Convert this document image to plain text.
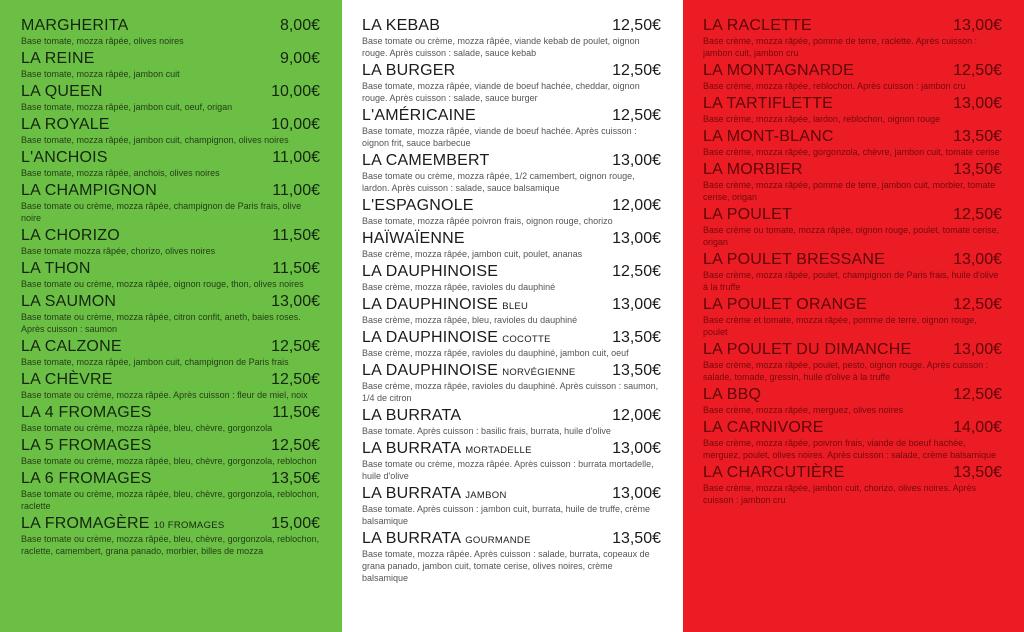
MARGHERITA	8,00€
Base tomate, mozza râpée, olives noires
LA REINE	9,00€
Base tomate, mozza râpée, jambon cuit
LA QUEEN	10,00€
Base tomate, mozza râpée, jambon cuit, oeuf, origan
LA ROYALE	10,00€
Base tomate, mozza râpée, jambon cuit, champignon, olives noires
L'ANCHOIS	11,00€
Base tomate, mozza râpée, anchois, olives noires
LA CHAMPIGNON	11,00€
Base tomate ou crème, mozza râpée, champignon de Paris frais, olive noire
LA CHORIZO	11,50€
Base tomate mozza râpée, chorizo, olives noires
LA THON	11,50€
Base tomate ou crème, mozza râpée, oignon rouge, thon, olives noires
LA SAUMON	13,00€
Base tomate ou crème, mozza râpée, citron confit, aneth, baies roses. Après cuisson : saumon
LA CALZONE	12,50€
Base tomate, mozza râpée, jambon cuit, champignon de Paris frais
LA CHÈVRE	12,50€
Base tomate ou crème, mozza râpée. Après cuisson : fleur de miel, noix
LA 4 FROMAGES	11,50€
Base tomate ou crème, mozza râpée, bleu, chèvre, gorgonzola
LA 5 FROMAGES	12,50€
Base tomate ou crème, mozza râpée, bleu, chèvre, gorgonzola, reblochon
LA 6 FROMAGES	13,50€
Base tomate ou crème, mozza râpée, bleu, chèvre, gorgonzola, reblochon, raclette
LA FROMAGÈRE 10 FROMAGES	15,00€
Base tomate ou crème, mozza râpée, bleu, chèvre, gorgonzola, reblochon, raclette, camembert, grana panado, morbier, billes de mozza
LA KEBAB	12,50€
Base tomate ou crème, mozza râpée, viande kebab de poulet, oignon rouge. Après cuisson : salade, sauce kebab
LA BURGER	12,50€
Base tomate, mozza râpée, viande de boeuf hachée, cheddar, oignon rouge. Après cuisson : salade, sauce burger
L'AMÉRICAINE	12,50€
Base tomate, mozza râpée, viande de boeuf hachée. Après cuisson : oignon frit, sauce barbecue
LA CAMEMBERT	13,00€
Base tomate ou crème, mozza râpée, 1/2 camembert, oignon rouge, lardon. Après cuisson : salade, sauce balsamique
L'ESPAGNOLE	12,00€
Base tomate, mozza râpée poivron frais, oignon rouge, chorizo
HAÏWAÏENNE	13,00€
Base crème, mozza râpée, jambon cuit, poulet, ananas
LA DAUPHINOISE	12,50€
Base crème, mozza râpée, ravioles du dauphiné
LA DAUPHINOISE BLEU	13,00€
Base crème, mozza râpée, bleu, ravioles du dauphiné
LA DAUPHINOISE COCOTTE	13,50€
Base crème, mozza râpée, ravioles du dauphiné, jambon cuit, oeuf
LA DAUPHINOISE NORVÉGIENNE 13,50€
Base crème, mozza râpée, ravioles du dauphiné. Après cuisson : saumon, 1/4 de citron
LA BURRATA	12,00€
Base tomate. Après cuisson : basilic frais, burrata, huile d'olive
LA BURRATA MORTADELLE	13,00€
Base tomate ou crème, mozza râpée. Après cuisson : burrata mortadelle, huile d'olive
LA BURRATA JAMBON	13,00€
Base tomate. Après cuisson : jambon cuit, burrata, huile de truffe, crème balsamique
LA BURRATA GOURMANDE	13,50€
Base tomate, mozza râpée. Après cuisson : salade, burrata, copeaux de grana panado, jambon cuit, tomate cerise, olives noires, crème balsamique
LA RACLETTE	13,00€
Base crème, mozza râpée, pomme de terre, raclette. Après cuisson : jambon cuit, jambon cru
LA MONTAGNARDE	12,50€
Base crème, mozza râpée, reblochon. Après cuisson : jambon cru
LA TARTIFLETTE	13,00€
Base crème, mozza râpée, lardon, reblochon, oignon rouge
LA MONT-BLANC	13,50€
Base crème, mozza râpée, gorgonzola, chèvre, jambon cuit, tomate cerise
LA MORBIER	13,50€
Base crème, mozza râpée, pomme de terre, jambon cuit, morbier, tomate cerise, origan
LA POULET	12,50€
Base crème ou tomate, mozza râpée, oignon rouge, poulet, tomate cerise, origan
LA POULET BRESSANE	13,00€
Base crème, mozza râpée, poulet, champignon de Paris frais, huile d'olive à la truffe
LA POULET ORANGE	12,50€
Base crème et tomate, mozza râpée, pomme de terre, oignon rouge, poulet
LA POULET DU DIMANCHE	13,00€
Base crème, mozza râpée, poulet, pesto, oignon rouge. Après cuisson : salade, tomade, gressin, huile d'olive à la truffe
LA BBQ	12,50€
Base crème, mozza râpée, merguez, olives noires
LA CARNIVORE	14,00€
Base crème, mozza râpée, poivron frais, viande de boeuf hachée, merguez, poulet, olives noires. Après cuisson : salade, crème balsamique
LA CHARCUTIÈRE	13,50€
Base crème, mozza râpée, jambon cuit, chorizo, olives noires. Après cuisson : jambon cru
